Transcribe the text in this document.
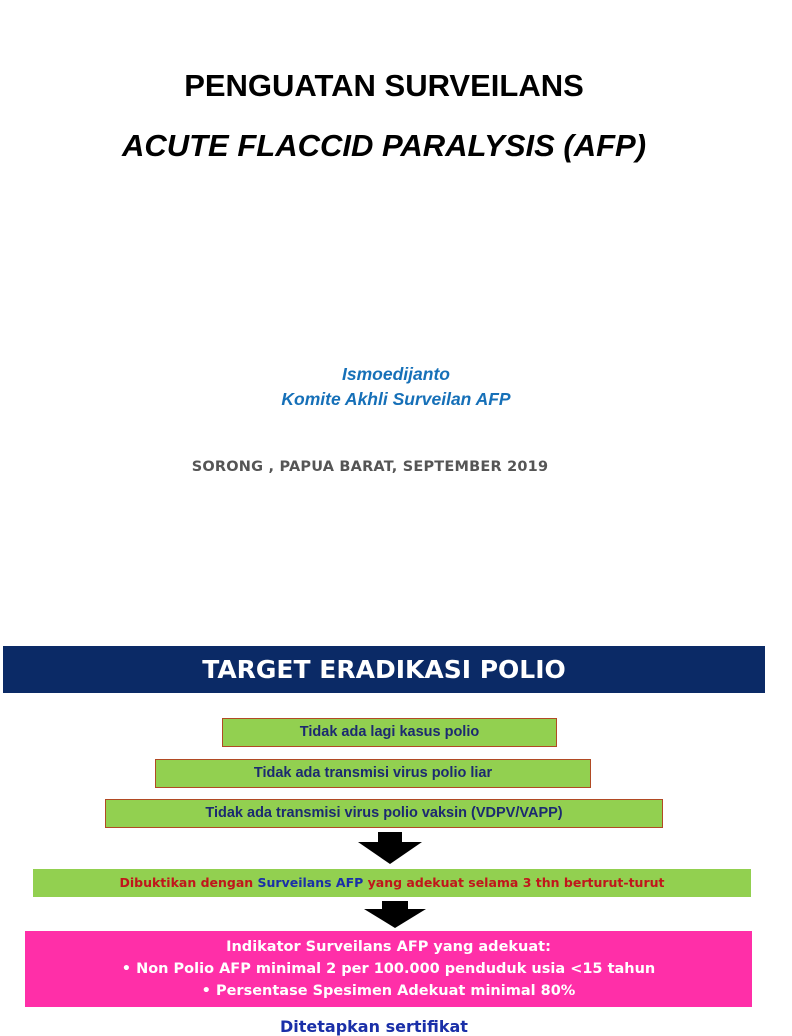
PENGUATAN SURVEILANS
ACUTE FLACCID PARALYSIS (AFP)
Ismoedijanto
Komite Akhli Surveilan AFP
SORONG , PAPUA BARAT, SEPTEMBER 2019
TARGET ERADIKASI POLIO
Tidak ada lagi kasus polio
Tidak ada transmisi virus polio liar
Tidak ada transmisi virus polio vaksin (VDPV/VAPP)
Dibuktikan dengan Surveilans AFP yang adekuat selama 3 thn berturut-turut
Indikator Surveilans AFP yang adekuat:
• Non Polio AFP minimal 2 per 100.000 penduduk usia <15 tahun
• Persentase Spesimen Adekuat minimal 80%
Ditetapkan sertifikat
